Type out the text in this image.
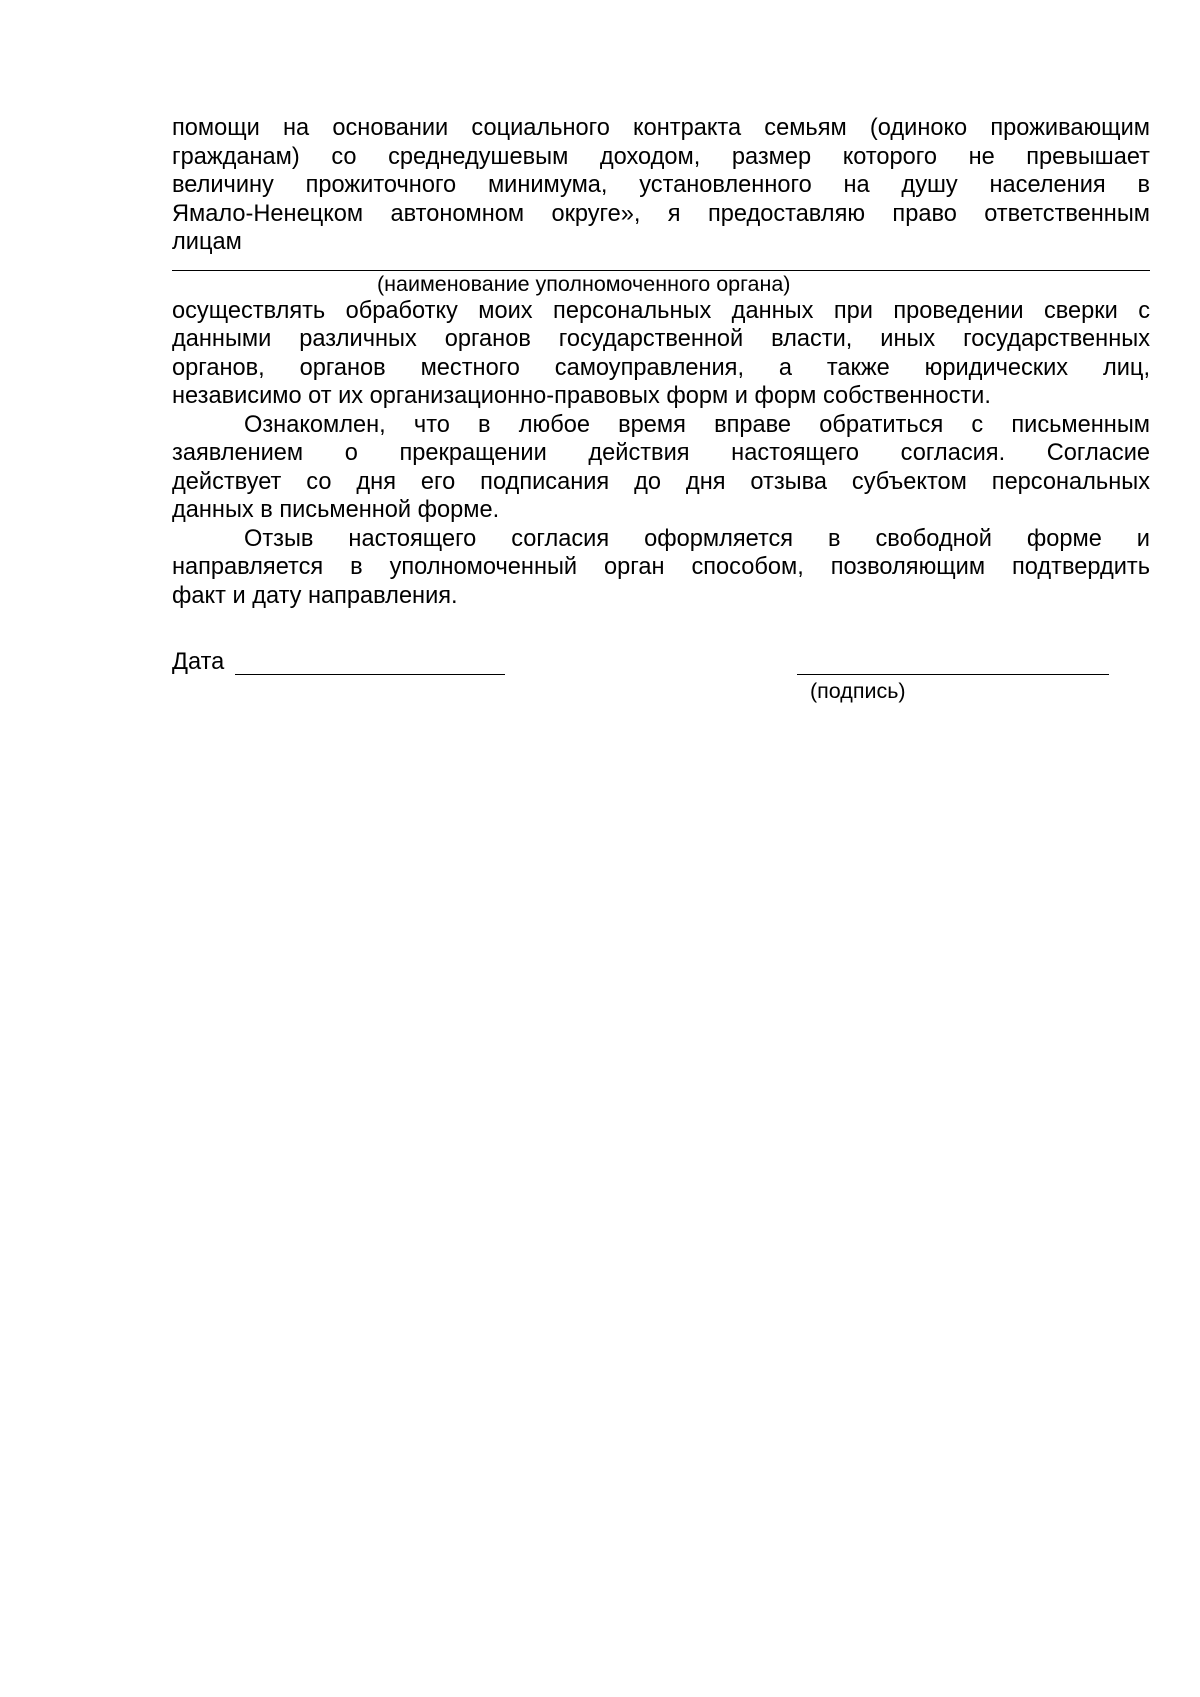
помощи на основании социального контракта семьям (одиноко проживающим
гражданам) со среднедушевым доходом, размер которого не превышает
величину прожиточного минимума, установленного на душу населения в
Ямало-Ненецком автономном округе», я предоставляю право ответственным
лицам
(наименование уполномоченного органа)
осуществлять обработку моих персональных данных при проведении сверки с
данными различных органов государственной власти, иных государственных
органов, органов местного самоуправления, а также юридических лиц,
независимо от их организационно-правовых форм и форм собственности.
Ознакомлен, что в любое время вправе обратиться с письменным
заявлением о прекращении действия настоящего согласия. Согласие
действует со дня его подписания до дня отзыва субъектом персональных
данных в письменной форме.
Отзыв настоящего согласия оформляется в свободной форме и
направляется в уполномоченный орган способом, позволяющим подтвердить
факт и дату направления.
Дата
(подпись)
